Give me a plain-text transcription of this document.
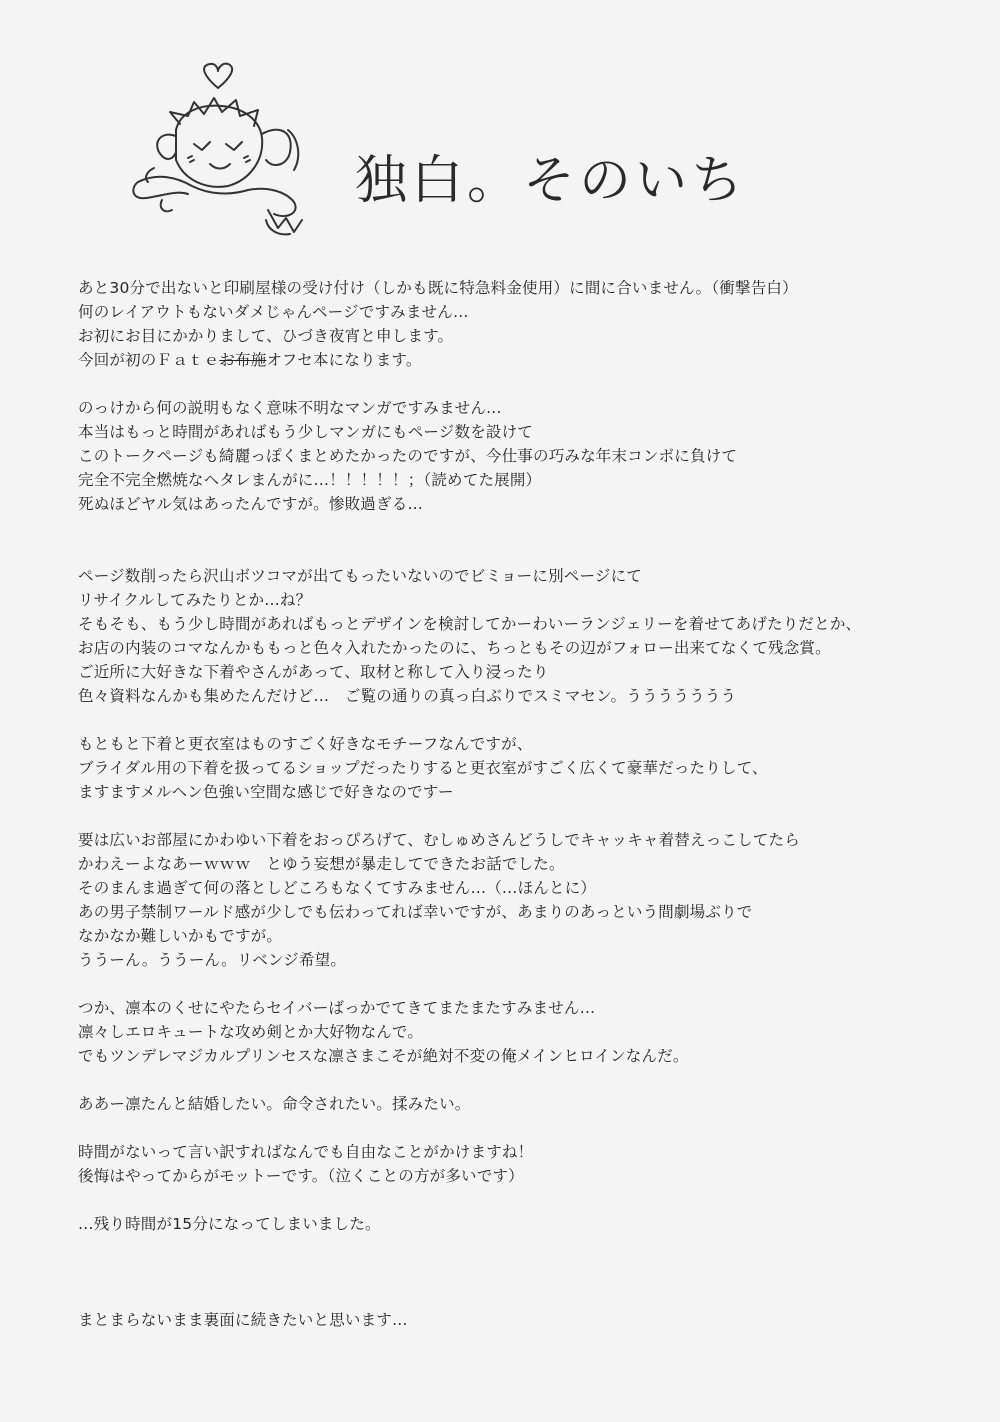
独白。そのいち
あと30分で出ないと印刷屋様の受け付け（しかも既に特急料金使用）に間に合いません。（衝撃告白）
何のレイアウトもないダメじゃんページですみません…
お初にお目にかかりまして、ひづき夜宵と申します。
今回が初のＦａｔｅお布施オフセ本になります。
のっけから何の説明もなく意味不明なマンガですみません…
本当はもっと時間があればもう少しマンガにもページ数を設けて
このトークページも綺麗っぽくまとめたかったのですが、今仕事の巧みな年末コンボに負けて
完全不完全燃焼なヘタレまんがに…！！！！！；（読めてた展開）
死ぬほどヤル気はあったんですが。惨敗過ぎる…
ページ数削ったら沢山ボツコマが出てもったいないのでビミョーに別ページにて
リサイクルしてみたりとか…ね？
そもそも、もう少し時間があればもっとデザインを検討してかーわいーランジェリーを着せてあげたりだとか、
お店の内装のコマなんかももっと色々入れたかったのに、ちっともその辺がフォロー出来てなくて残念賞。
ご近所に大好きな下着やさんがあって、取材と称して入り浸ったり
色々資料なんかも集めたんだけど…　ご覧の通りの真っ白ぶりでスミマセン。ううううううう
もともと下着と更衣室はものすごく好きなモチーフなんですが、
ブライダル用の下着を扱ってるショップだったりすると更衣室がすごく広くて豪華だったりして、
ますますメルヘン色強い空間な感じで好きなのですー
要は広いお部屋にかわゆい下着をおっぴろげて、むしゅめさんどうしでキャッキャ着替えっこしてたら
かわえーよなあーｗｗｗ　とゆう妄想が暴走してできたお話でした。
そのまんま過ぎて何の落としどころもなくてすみません…（…ほんとに）
あの男子禁制ワールド感が少しでも伝わってれば幸いですが、あまりのあっという間劇場ぶりで
なかなか難しいかもですが。
ううーん。ううーん。リベンジ希望。
つか、凛本のくせにやたらセイバーばっかでてきてまたまたすみません…
凛々しエロキュートな攻め剣とか大好物なんで。
でもツンデレマジカルプリンセスな凛さまこそが絶対不変の俺メインヒロインなんだ。
ああー凛たんと結婚したい。命令されたい。揉みたい。
時間がないって言い訳すればなんでも自由なことがかけますね！
後悔はやってからがモットーです。（泣くことの方が多いです）
…残り時間が15分になってしまいました。
まとまらないまま裏面に続きたいと思います…
